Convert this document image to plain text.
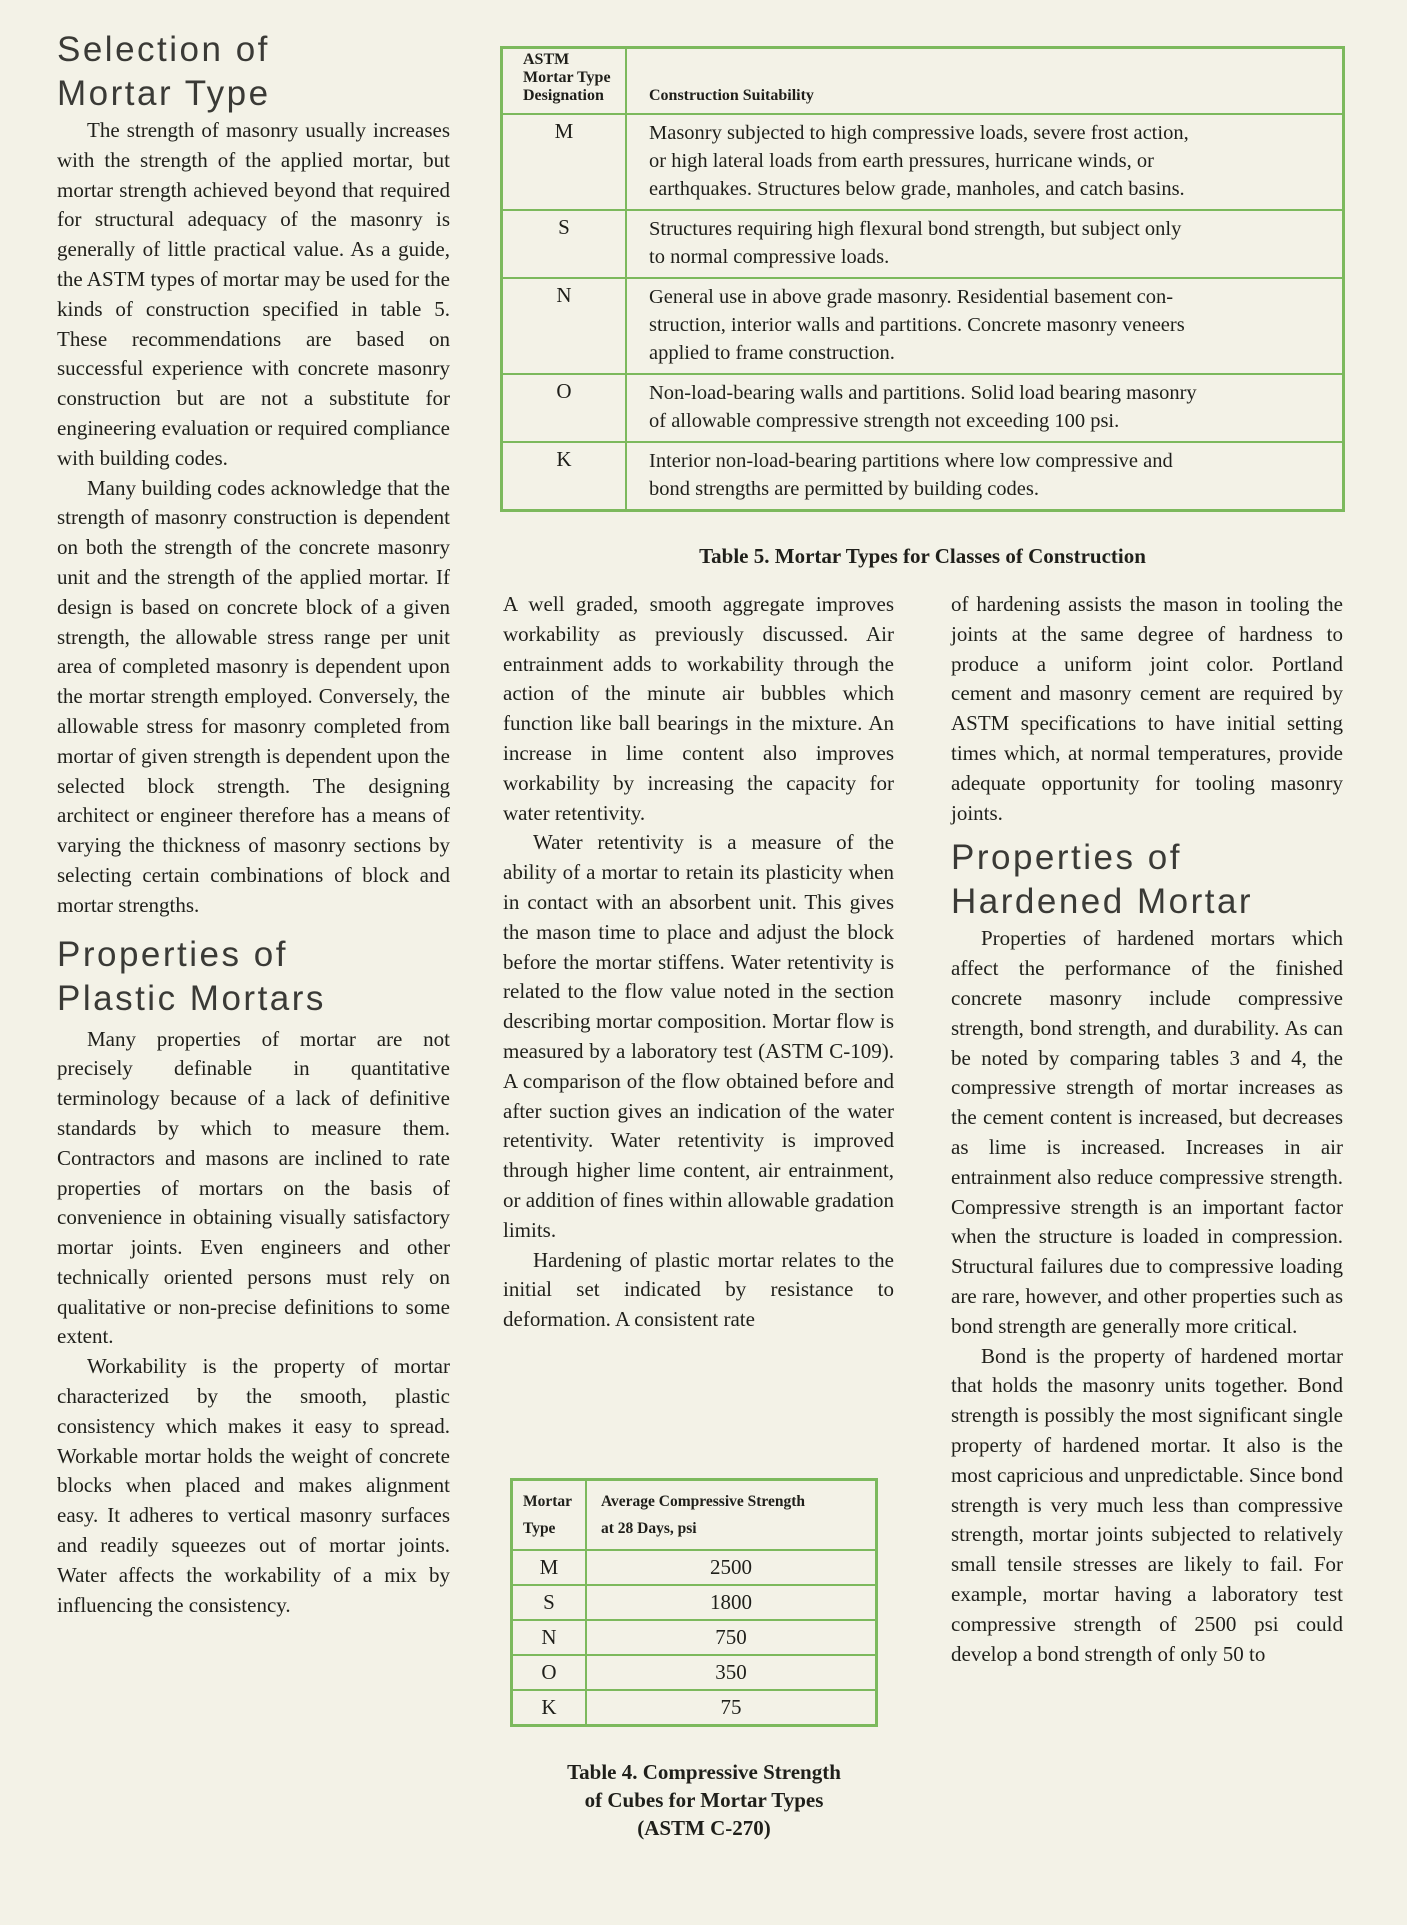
Selection of
Mortar Type

The strength of masonry usually increases with the strength of the applied mortar, but mortar strength achieved beyond that required for structural adequacy of the masonry is generally of little practical value. As a guide, the ASTM types of mortar may be used for the kinds of construction specified in table 5. These recommendations are based on successful experience with concrete masonry construction but are not a substitute for engineering evaluation or required compliance with building codes.

Many building codes acknowledge that the strength of masonry construction is dependent on both the strength of the concrete masonry unit and the strength of the applied mortar. If design is based on concrete block of a given strength, the allowable stress range per unit area of completed masonry is dependent upon the mortar strength employed. Conversely, the allowable stress for masonry completed from mortar of given strength is dependent upon the selected block strength. The designing architect or engineer therefore has a means of varying the thickness of masonry sections by selecting certain combinations of block and mortar strengths.

Properties of
Plastic Mortars

Many properties of mortar are not precisely definable in quantitative terminology because of a lack of definitive standards by which to measure them. Contractors and masons are inclined to rate properties of mortars on the basis of convenience in obtaining visually satisfactory mortar joints. Even engineers and other technically oriented persons must rely on qualitative or non-precise definitions to some extent.

Workability is the property of mortar characterized by the smooth, plastic consistency which makes it easy to spread. Workable mortar holds the weight of concrete blocks when placed and makes alignment easy. It adheres to vertical masonry surfaces and readily squeezes out of mortar joints. Water affects the workability of a mix by influencing the consistency.

ASTM
Mortar Type
Designation	Construction Suitability
M	Masonry subjected to high compressive loads, severe frost action,
or high lateral loads from earth pressures, hurricane winds, or
earthquakes. Structures below grade, manholes, and catch basins.
S	Structures requiring high flexural bond strength, but subject only
to normal compressive loads.
N	General use in above grade masonry. Residential basement con-
struction, interior walls and partitions. Concrete masonry veneers
applied to frame construction.
O	Non-load-bearing walls and partitions. Solid load bearing masonry
of allowable compressive strength not exceeding 100 psi.
K	Interior non-load-bearing partitions where low compressive and
bond strengths are permitted by building codes.

Table 5. Mortar Types for Classes of Construction

A well graded, smooth aggregate improves workability as previously discussed. Air entrainment adds to workability through the action of the minute air bubbles which function like ball bearings in the mixture. An increase in lime content also improves workability by increasing the capacity for water retentivity.

Water retentivity is a measure of the ability of a mortar to retain its plasticity when in contact with an absorbent unit. This gives the mason time to place and adjust the block before the mortar stiffens. Water retentivity is related to the flow value noted in the section describing mortar composition. Mortar flow is measured by a laboratory test (ASTM C-109). A comparison of the flow obtained before and after suction gives an indication of the water retentivity. Water retentivity is improved through higher lime content, air entrainment, or addition of fines within allowable gradation limits.

Hardening of plastic mortar relates to the initial set indicated by resistance to deformation. A consistent rate

Mortar
Type	Average Compressive Strength
at 28 Days, psi
M	2500
S	1800
N	750
O	350
K	75

Table 4. Compressive Strength
of Cubes for Mortar Types
(ASTM C-270)

of hardening assists the mason in tooling the joints at the same degree of hardness to produce a uniform joint color. Portland cement and masonry cement are required by ASTM specifications to have initial setting times which, at normal temperatures, provide adequate opportunity for tooling masonry joints.

Properties of
Hardened Mortar

Properties of hardened mortars which affect the performance of the finished concrete masonry include compressive strength, bond strength, and durability. As can be noted by comparing tables 3 and 4, the compressive strength of mortar increases as the cement content is increased, but decreases as lime is increased. Increases in air entrainment also reduce compressive strength. Compressive strength is an important factor when the structure is loaded in compression. Structural failures due to compressive loading are rare, however, and other properties such as bond strength are generally more critical.

Bond is the property of hardened mortar that holds the masonry units together. Bond strength is possibly the most significant single property of hardened mortar. It also is the most capricious and unpredictable. Since bond strength is very much less than compressive strength, mortar joints subjected to relatively small tensile stresses are likely to fail. For example, mortar having a laboratory test compressive strength of 2500 psi could develop a bond strength of only 50 to
